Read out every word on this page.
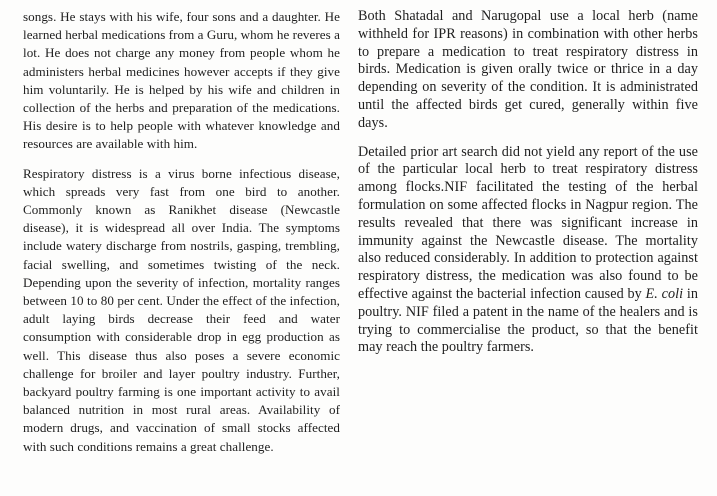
songs. He stays with his wife, four sons and a daughter. He learned herbal medications from a Guru, whom he reveres a lot. He does not charge any money from people whom he administers herbal medicines however accepts if they give him voluntarily. He is helped by his wife and children in collection of the herbs and preparation of the medications. His desire is to help people with whatever knowledge and resources are available with him.

Respiratory distress is a virus borne infectious disease, which spreads very fast from one bird to another. Commonly known as Ranikhet disease (Newcastle disease), it is widespread all over India. The symptoms include watery discharge from nostrils, gasping, trembling, facial swelling, and sometimes twisting of the neck. Depending upon the severity of infection, mortality ranges between 10 to 80 per cent. Under the effect of the infection, adult laying birds decrease their feed and water consumption with considerable drop in egg production as well. This disease thus also poses a severe economic challenge for broiler and layer poultry industry. Further, backyard poultry farming is one important activity to avail balanced nutrition in most rural areas. Availability of modern drugs, and vaccination of small stocks affected with such conditions remains a great challenge.

Both Shatadal and Narugopal use a local herb (name withheld for IPR reasons) in combination with other herbs to prepare a medication to treat respiratory distress in birds. Medication is given orally twice or thrice in a day depending on severity of the condition. It is administrated until the affected birds get cured, generally within five days.

Detailed prior art search did not yield any report of the use of the particular local herb to treat respiratory distress among flocks.NIF facilitated the testing of the herbal formulation on some affected flocks in Nagpur region. The results revealed that there was significant increase in immunity against the Newcastle disease. The mortality also reduced considerably. In addition to protection against respiratory distress, the medication was also found to be effective against the bacterial infection caused by E. coli in poultry. NIF filed a patent in the name of the healers and is trying to commercialise the product, so that the benefit may reach the poultry farmers.
